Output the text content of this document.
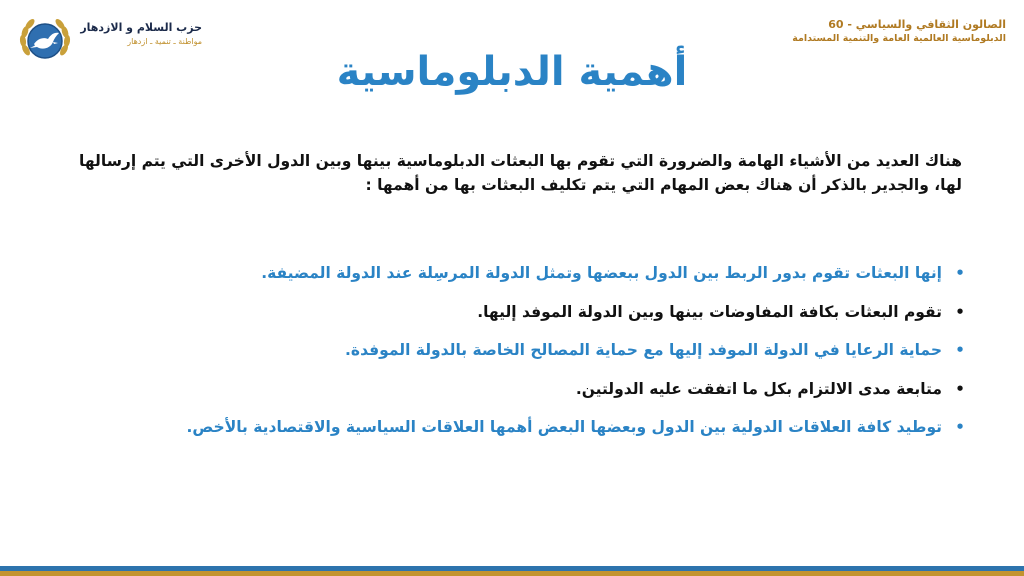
الصالون الثقافي والسياسي - 60
الدبلوماسية العالمية العامة والتنمية المستدامة
حزب السلام و الازدهار
مواطنة ـ تنمية ـ ازدهار
أهمية الدبلوماسية

هناك العديد من الأشياء الهامة والضرورة التي تقوم بها البعثات الدبلوماسية بينها وبين الدول الأخرى التي يتم إرسالها لها، والجدير بالذكر أن هناك بعض المهام التي يتم تكليف البعثات بها من أهمها :

•
إنها البعثات تقوم بدور الربط بين الدول ببعضها وتمثل الدولة المرسِلة عند الدولة المضيفة.
•
تقوم البعثات بكافة المفاوضات بينها وبين الدولة الموفد إليها.
•
حماية الرعايا في الدولة الموفد إليها مع حماية المصالح الخاصة بالدولة الموفدة.
•
متابعة مدى الالتزام بكل ما اتفقت عليه الدولتين.
•
توطيد كافة العلاقات الدولية بين الدول وبعضها البعض أهمها العلاقات السياسية والاقتصادية بالأخص.
